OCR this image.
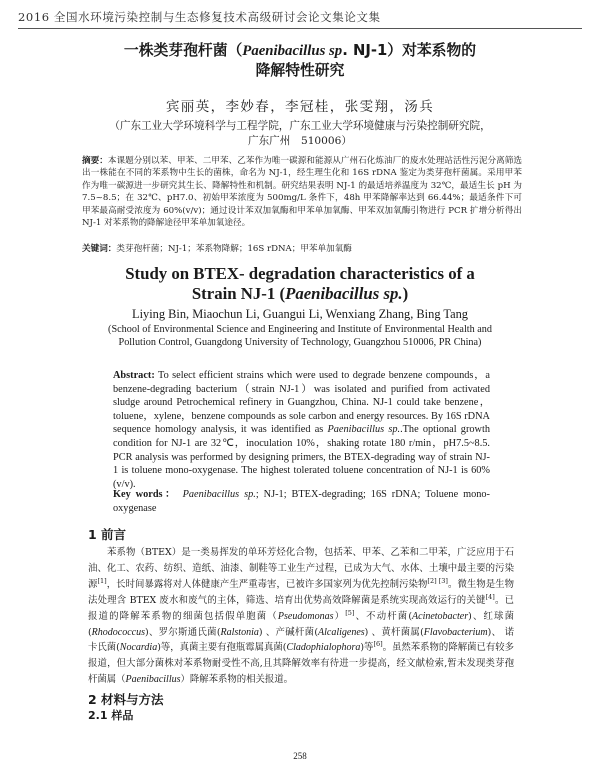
2016 全国水环境污染控制与生态修复技术高级研讨会论文集论文集
一株类芽孢杆菌（Paenibacillus sp. NJ-1）对苯系物的
降解特性研究
宾丽英，李妙春，李冠桂，张雯翔，汤兵
（广东工业大学环境科学与工程学院，广东工业大学环境健康与污染控制研究院，
广东广州　510006）
摘要：本课题分别以苯、甲苯、二甲苯、乙苯作为唯一碳源和能源从广州石化炼油厂的废水处理站活性污泥分离筛选出一株能在不同的苯系物中生长的菌株，命名为 NJ-1，经生理生化和 16S rDNA 鉴定为类芽孢杆菌属。采用甲苯作为唯一碳源进一步研究其生长、降解特性和机制。研究结果表明 NJ-1 的最适培养温度为 32℃，最适生长 pH 为 7.5~8.5；在 32℃、pH7.0、初始甲苯浓度为 500mg/L 条件下，48h 甲苯降解率达到 66.44%；最适条件下可甲苯最高耐受浓度为 60%(v/v)；通过设计苯双加氧酶和甲苯单加氧酶、甲苯双加氧酶引物进行 PCR 扩增分析得出 NJ-1 对苯系物的降解途径甲苯单加氧途径。
关键词：类芽孢杆菌；NJ-1；苯系物降解；16S rDNA；甲苯单加氧酶
Study on BTEX- degradation characteristics of a
Strain NJ-1 (Paenibacillus sp.)
Liying Bin, Miaochun Li, Guangui Li, Wenxiang Zhang, Bing Tang
(School of Environmental Science and Engineering and Institute of Environmental Health and Pollution Control, Guangdong University of Technology, Guangzhou 510006, PR China)
Abstract: To select efficient strains which were used to degrade benzene compounds，a benzene-degrading bacterium（strain NJ-1）was isolated and purified from activated sludge around Petrochemical refinery in Guangzhou, China. NJ-1 could take benzene，toluene，xylene，benzene compounds as sole carbon and energy resources. By 16S rDNA sequence homology analysis, it was identified as Paenibacillus sp..The optional growth condition for NJ-1 are 32℃，inoculation 10%，shaking rotate 180 r/min，pH7.5~8.5. PCR analysis was performed by designing primers, the BTEX-degrading way of strain NJ-1 is toluene mono-oxygenase. The highest tolerated toluene concentration of NJ-1 is 60% (v/v).
Key words： Paenibacillus sp.; NJ-1; BTEX-degrading; 16S rDNA; Toluene mono-oxygenase
1 前言

苯系物（BTEX）是一类易挥发的单环芳烃化合物，包括苯、甲苯、乙苯和二甲苯，广泛应用于石油、化工、农药、纺织、造纸、油漆、制鞋等工业生产过程，已成为大气、水体、土壤中最主要的污染源[1]，长时间暴露将对人体健康产生严重毒害，已被许多国家列为优先控制污染物[2] [3]。微生物是生物法处理含 BTEX 废水和废气的主体，筛选、培育出优势高效降解菌是系统实现高效运行的关键[4]。已报道的降解苯系物的细菌包括假单胞菌（Pseudomonas）[5]、不动杆菌(Acinetobacter)、红球菌(Rhodococcus)、罗尔斯通氏菌(Ralstonia) 、产碱杆菌(Alcaligenes) 、黄杆菌属(Flavobacterium)、 诺卡氏菌(Nocardia)等，真菌主要有孢瓶霉属真菌(Cladophialophora)等[6]。虽然苯系物的降解菌已有较多报道，但大部分菌株对苯系物耐受性不高,且其降解效率有待进一步提高，经文献检索,暂未发现类芽孢杆菌属（Paenibacillus）降解苯系物的相关报道。

2 材料与方法
2.1 样品
258
